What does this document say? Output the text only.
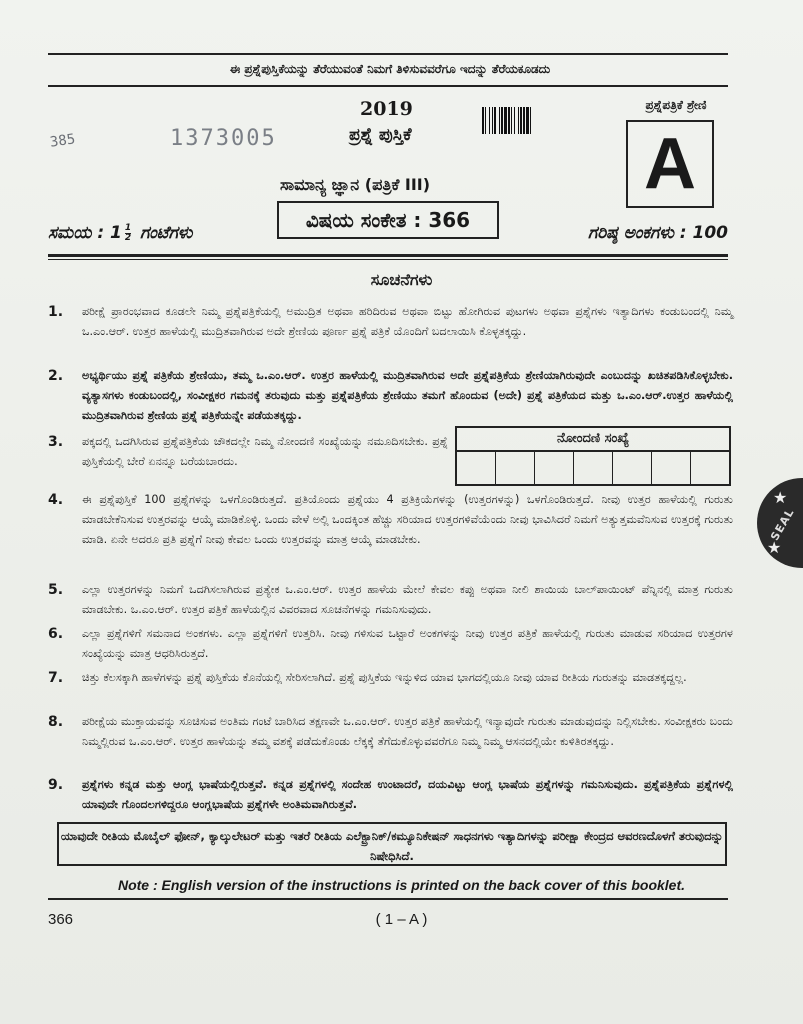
ಈ ಪ್ರಶ್ನೆಪುಸ್ತಿಕೆಯನ್ನು ತೆರೆಯುವಂತೆ ನಿಮಗೆ ತಿಳಿಸುವವರೆಗೂ ಇದನ್ನು ತೆರೆಯಕೂಡದು
2019	ಪ್ರಶ್ನೆಪತ್ರಿಕೆ ಶ್ರೇಣಿ
A
1373005
385	ಪ್ರಶ್ನೆ ಪುಸ್ತಿಕೆ
ಸಾಮಾನ್ಯ ಜ್ಞಾನ (ಪತ್ರಿಕೆ III)
ವಿಷಯ ಸಂಕೇತ : 366
ಸಮಯ : $1 \frac{1}{2}$ ಗಂಟೆಗಳು	ಗರಿಷ್ಠ ಅಂಕಗಳು : 100
ಸೂಚನೆಗಳು
1. ಪರೀಕ್ಷೆ ಪ್ರಾರಂಭವಾದ ಕೂಡಲೇ ನಿಮ್ಮ ಪ್ರಶ್ನೆಪತ್ರಿಕೆಯಲ್ಲಿ ಅಮುದ್ರಿತ ಅಥವಾ ಹರಿದಿರುವ ಅಥವಾ ಬಿಟ್ಟು ಹೋಗಿರುವ ಪುಟಗಳು ಅಥವಾ ಪ್ರಶ್ನೆಗಳು ಇತ್ಯಾದಿಗಳು ಕಂಡುಬಂದಲ್ಲಿ ನಿಮ್ಮ ಒ.ಎಂ.ಆರ್. ಉತ್ತರ ಹಾಳೆಯಲ್ಲಿ ಮುದ್ರಿತವಾಗಿರುವ ಅದೇ ಶ್ರೇಣಿಯ ಪೂರ್ಣ ಪ್ರಶ್ನೆ ಪತ್ರಿಕೆ ಯೊಂದಿಗೆ ಬದಲಾಯಿಸಿ ಕೊಳ್ಳತಕ್ಕದ್ದು.
2. ಅಭ್ಯರ್ಥಿಯು ಪ್ರಶ್ನೆ ಪತ್ರಿಕೆಯ ಶ್ರೇಣಿಯು, ತಮ್ಮ ಒ.ಎಂ.ಆರ್. ಉತ್ತರ ಹಾಳೆಯಲ್ಲಿ ಮುದ್ರಿತವಾಗಿರುವ ಅದೇ ಪ್ರಶ್ನೆಪತ್ರಿಕೆಯ ಶ್ರೇಣಿಯಾಗಿರುವುದೇ ಎಂಬುದನ್ನು ಖಚಿತಪಡಿಸಿಕೊಳ್ಳಬೇಕು. ವ್ಯತ್ಯಾಸಗಳು ಕಂಡುಬಂದಲ್ಲಿ, ಸಂವೀಕ್ಷಕರ ಗಮನಕ್ಕೆ ತರುವುದು ಮತ್ತು ಪ್ರಶ್ನೆಪತ್ರಿಕೆಯ ಶ್ರೇಣಿಯು ತಮಗೆ ಹೊಂದುವ (ಅದೇ) ಪ್ರಶ್ನೆ ಪತ್ರಿಕೆಯದ ಮತ್ತು ಒ.ಎಂ.ಆರ್.ಉತ್ತರ ಹಾಳೆಯಲ್ಲಿ ಮುದ್ರಿತವಾಗಿರುವ ಶ್ರೇಣಿಯ ಪ್ರಶ್ನೆ ಪತ್ರಿಕೆಯನ್ನೇ ಪಡೆಯತಕ್ಕದ್ದು.
3. ಪಕ್ಕದಲ್ಲಿ ಒದಗಿಸಿರುವ ಪ್ರಶ್ನೆಪತ್ರಿಕೆಯ ಚೌಕದಲ್ಲೇ ನಿಮ್ಮ ನೋಂದಣಿ ಸಂಖ್ಯೆಯನ್ನು ನಮೂದಿಸಬೇಕು. ಪ್ರಶ್ನೆ ಪುಸ್ತಿಕೆಯಲ್ಲಿ ಬೇರೆ ಏನನ್ನೂ ಬರೆಯಬಾರದು.
ನೋಂದಣಿ ಸಂಖ್ಯೆ
4. ಈ ಪ್ರಶ್ನೆಪುಸ್ತಿಕೆ 100 ಪ್ರಶ್ನೆಗಳನ್ನು ಒಳಗೊಂಡಿರುತ್ತದೆ. ಪ್ರತಿಯೊಂದು ಪ್ರಶ್ನೆಯು 4 ಪ್ರತಿಕ್ರಿಯೆಗಳನ್ನು (ಉತ್ತರಗಳನ್ನು) ಒಳಗೊಂಡಿರುತ್ತದೆ. ನೀವು ಉತ್ತರ ಹಾಳೆಯಲ್ಲಿ ಗುರುತು ಮಾಡಬೇಕೆನಿಸುವ ಉತ್ತರವನ್ನು ಆಯ್ಕೆ ಮಾಡಿಕೊಳ್ಳಿ. ಒಂದು ವೇಳೆ ಅಲ್ಲಿ ಒಂದಕ್ಕಿಂತ ಹೆಚ್ಚು ಸರಿಯಾದ ಉತ್ತರಗಳಿವೆಯೆಂದು ನೀವು ಭಾವಿಸಿದರೆ ನಿಮಗೆ ಅತ್ಯುತ್ತಮವೆನಿಸುವ ಉತ್ತರಕ್ಕೆ ಗುರುತು ಮಾಡಿ. ಏನೇ ಅದರೂ ಪ್ರತಿ ಪ್ರಶ್ನೆಗೆ ನೀವು ಕೇವಲ ಒಂದು ಉತ್ತರವನ್ನು ಮಾತ್ರ ಆಯ್ಕೆ ಮಾಡಬೇಕು.
5. ಎಲ್ಲಾ ಉತ್ತರಗಳನ್ನು ನಿಮಗೆ ಒದಗಿಸಲಾಗಿರುವ ಪ್ರತ್ಯೇಕ ಒ.ಎಂ.ಆರ್. ಉತ್ತರ ಹಾಳೆಯ ಮೇಲೆ ಕೇವಲ ಕಪ್ಪು ಅಥವಾ ನೀಲಿ ಶಾಯಿಯ ಬಾಲ್‌ಪಾಯಿಂಟ್ ಪೆನ್ನಿನಲ್ಲಿ ಮಾತ್ರ ಗುರುತು ಮಾಡಬೇಕು. ಒ.ಎಂ.ಆರ್. ಉತ್ತರ ಪತ್ರಿಕೆ ಹಾಳೆಯಲ್ಲಿನ ವಿವರವಾದ ಸೂಚನೆಗಳನ್ನು ಗಮನಿಸುವುದು.
6. ಎಲ್ಲಾ ಪ್ರಶ್ನೆಗಳಿಗೆ ಸಮನಾದ ಅಂಕಗಳು. ಎಲ್ಲಾ ಪ್ರಶ್ನೆಗಳಿಗೆ ಉತ್ತರಿಸಿ. ನೀವು ಗಳಿಸುವ ಒಟ್ಟಾರೆ ಅಂಕಗಳನ್ನು ನೀವು ಉತ್ತರ ಪತ್ರಿಕೆ ಹಾಳೆಯಲ್ಲಿ ಗುರುತು ಮಾಡುವ ಸರಿಯಾದ ಉತ್ತರಗಳ ಸಂಖ್ಯೆಯನ್ನು ಮಾತ್ರ ಆಧರಿಸಿರುತ್ತದೆ.
7. ಚಿತ್ತು ಕೆಲಸಕ್ಕಾಗಿ ಹಾಳೆಗಳನ್ನು ಪ್ರಶ್ನೆ ಪುಸ್ತಿಕೆಯ ಕೊನೆಯಲ್ಲಿ ಸೇರಿಸಲಾಗಿದೆ. ಪ್ರಶ್ನೆ ಪುಸ್ತಿಕೆಯ ಇನ್ನುಳಿದ ಯಾವ ಭಾಗದಲ್ಲಿಯೂ ನೀವು ಯಾವ ರೀತಿಯ ಗುರುತನ್ನು ಮಾಡತಕ್ಕದ್ದಲ್ಲ.
8. ಪರೀಕ್ಷೆಯ ಮುಕ್ತಾಯವನ್ನು ಸೂಚಿಸುವ ಅಂತಿಮ ಗಂಟೆ ಬಾರಿಸಿದ ತಕ್ಷಣವೇ ಒ.ಎಂ.ಆರ್. ಉತ್ತರ ಪತ್ರಿಕೆ ಹಾಳೆಯಲ್ಲಿ ಇನ್ಯಾವುದೇ ಗುರುತು ಮಾಡುವುದನ್ನು ನಿಲ್ಲಿಸಬೇಕು. ಸಂವೀಕ್ಷಕರು ಬಂದು ನಿಮ್ಮಲ್ಲಿರುವ ಒ.ಎಂ.ಆರ್. ಉತ್ತರ ಹಾಳೆಯನ್ನು ತಮ್ಮ ವಶಕ್ಕೆ ಪಡೆದುಕೊಂಡು ಲೆಕ್ಕಕ್ಕೆ ತೆಗೆದುಕೊಳ್ಳುವವರೆಗೂ ನಿಮ್ಮ ನಿಮ್ಮ ಆಸನದಲ್ಲಿಯೇ ಕುಳಿತಿರತಕ್ಕದ್ದು.
9. ಪ್ರಶ್ನೆಗಳು ಕನ್ನಡ ಮತ್ತು ಆಂಗ್ಲ ಭಾಷೆಯಲ್ಲಿರುತ್ತವೆ. ಕನ್ನಡ ಪ್ರಶ್ನೆಗಳಲ್ಲಿ ಸಂದೇಹ ಉಂಟಾದರೆ, ದಯವಿಟ್ಟು ಆಂಗ್ಲ ಭಾಷೆಯ ಪ್ರಶ್ನೆಗಳನ್ನು ಗಮನಿಸುವುದು. ಪ್ರಶ್ನೆಪತ್ರಿಕೆಯ ಪ್ರಶ್ನೆಗಳಲ್ಲಿ ಯಾವುದೇ ಗೊಂದಲಗಳಿದ್ದರೂ ಆಂಗ್ಲಭಾಷೆಯ ಪ್ರಶ್ನೆಗಳೇ ಅಂತಿಮವಾಗಿರುತ್ತವೆ.
ಯಾವುದೇ ರೀತಿಯ ಮೊಬೈಲ್ ಫೋನ್, ಕ್ಯಾಲ್ಕುಲೇಟರ್ ಮತ್ತು ಇತರೆ ರೀತಿಯ ಎಲೆಕ್ಟ್ರಾನಿಕ್/ಕಮ್ಯೂನಿಕೇಷನ್ ಸಾಧನಗಳು ಇತ್ಯಾದಿಗಳನ್ನು ಪರೀಕ್ಷಾ ಕೇಂದ್ರದ ಆವರಣದೊಳಗೆ ತರುವುದನ್ನು ನಿಷೇಧಿಸಿದೆ.
Note : English version of the instructions is printed on the back cover of this booklet.
366	( 1 – A )
SEAL
★
★
